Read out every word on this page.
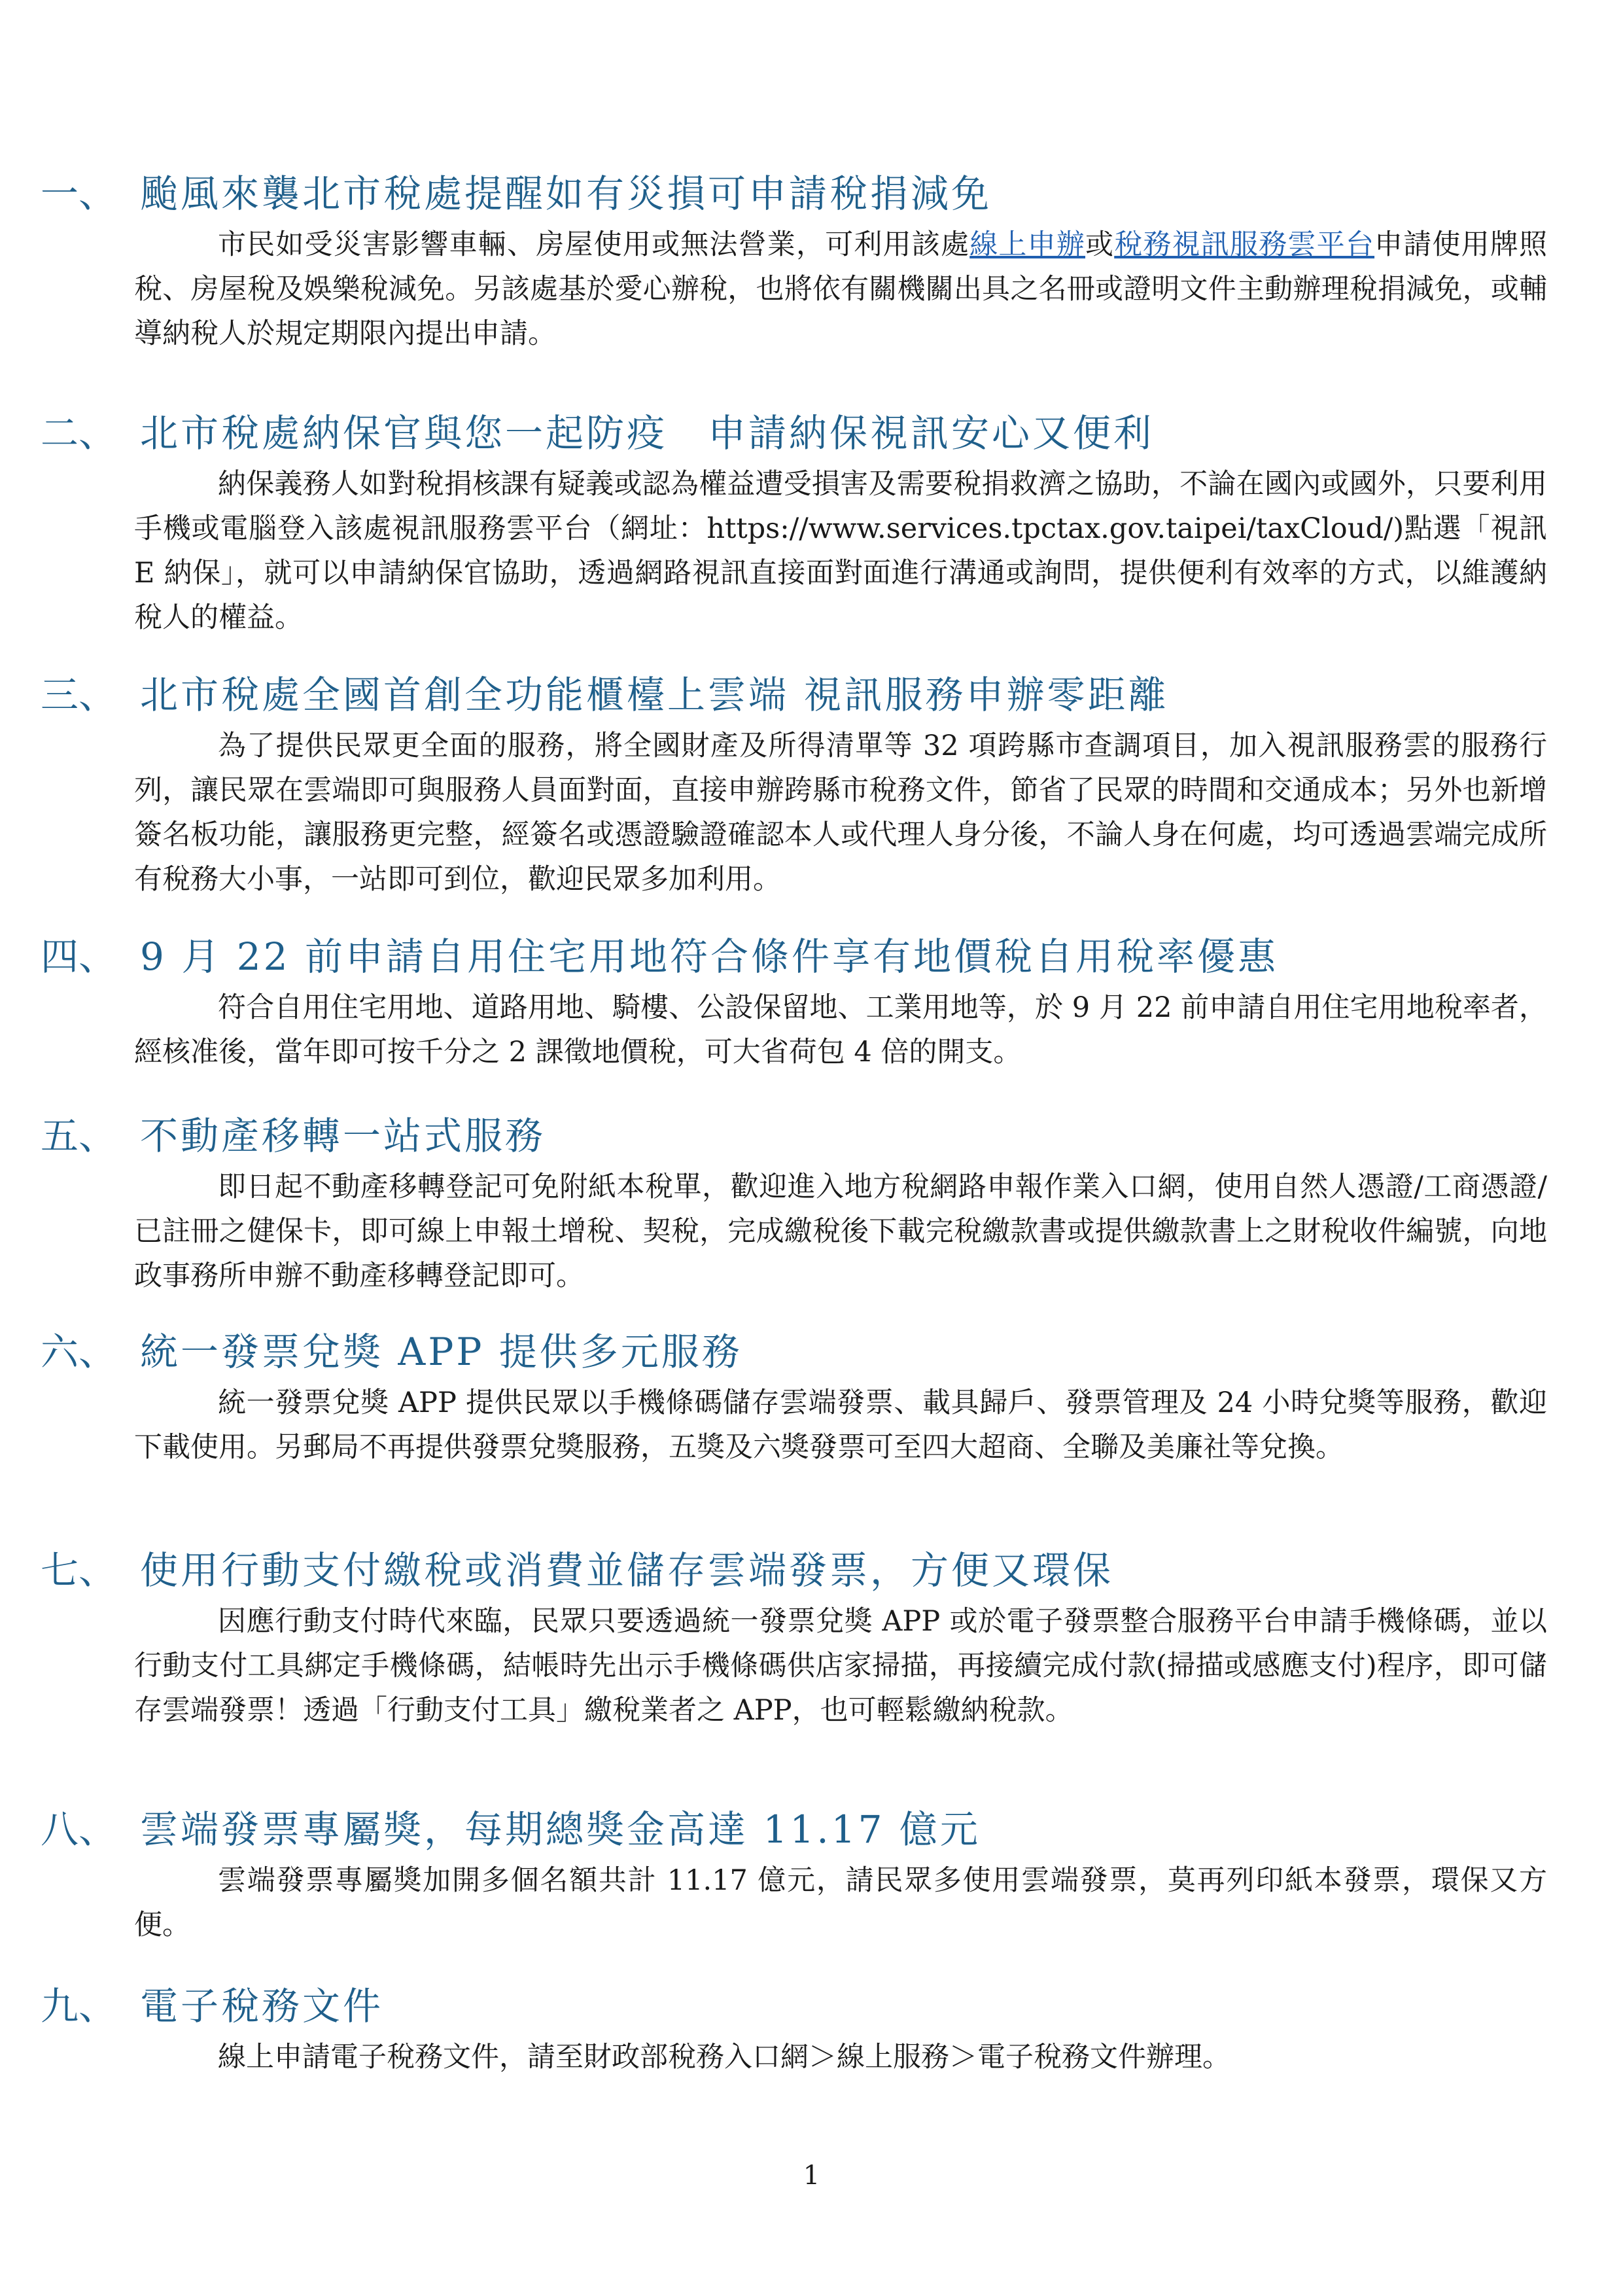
一、 颱風來襲北市稅處提醒如有災損可申請稅捐減免

市民如受災害影響車輛、房屋使用或無法營業，可利用該處線上申辦或稅務視訊服務雲平台申請使用牌照稅、房屋稅及娛樂稅減免。另該處基於愛心辦稅，也將依有關機關出具之名冊或證明文件主動辦理稅捐減免，或輔導納稅人於規定期限內提出申請。

二、 北市稅處納保官與您一起防疫　申請納保視訊安心又便利

納保義務人如對稅捐核課有疑義或認為權益遭受損害及需要稅捐救濟之協助，不論在國內或國外，只要利用手機或電腦登入該處視訊服務雲平台（網址：https://www.services.tpctax.gov.taipei/taxCloud/)點選「視訊 E 納保」，就可以申請納保官協助，透過網路視訊直接面對面進行溝通或詢問，提供便利有效率的方式，以維護納稅人的權益。

三、 北市稅處全國首創全功能櫃檯上雲端 視訊服務申辦零距離

為了提供民眾更全面的服務，將全國財產及所得清單等 32 項跨縣市查調項目，加入視訊服務雲的服務行列，讓民眾在雲端即可與服務人員面對面，直接申辦跨縣市稅務文件，節省了民眾的時間和交通成本；另外也新增簽名板功能，讓服務更完整，經簽名或憑證驗證確認本人或代理人身分後，不論人身在何處，均可透過雲端完成所有稅務大小事，一站即可到位，歡迎民眾多加利用。

四、 9 月 22 前申請自用住宅用地符合條件享有地價稅自用稅率優惠

符合自用住宅用地、道路用地、騎樓、公設保留地、工業用地等，於 9 月 22 前申請自用住宅用地稅率者，經核准後，當年即可按千分之 2 課徵地價稅，可大省荷包 4 倍的開支。

五、 不動產移轉一站式服務

即日起不動產移轉登記可免附紙本稅單，歡迎進入地方稅網路申報作業入口網，使用自然人憑證/工商憑證/已註冊之健保卡，即可線上申報土增稅、契稅，完成繳稅後下載完稅繳款書或提供繳款書上之財稅收件編號，向地政事務所申辦不動產移轉登記即可。

六、 統一發票兌獎 APP 提供多元服務

統一發票兌獎 APP 提供民眾以手機條碼儲存雲端發票、載具歸戶、發票管理及 24 小時兌獎等服務，歡迎下載使用。另郵局不再提供發票兌獎服務，五獎及六獎發票可至四大超商、全聯及美廉社等兌換。

七、 使用行動支付繳稅或消費並儲存雲端發票，方便又環保

因應行動支付時代來臨，民眾只要透過統一發票兌獎 APP 或於電子發票整合服務平台申請手機條碼，並以行動支付工具綁定手機條碼，結帳時先出示手機條碼供店家掃描，再接續完成付款(掃描或感應支付)程序，即可儲存雲端發票！透過「行動支付工具」繳稅業者之 APP，也可輕鬆繳納稅款。

八、 雲端發票專屬獎，每期總獎金高達 11.17 億元

雲端發票專屬獎加開多個名額共計 11.17 億元，請民眾多使用雲端發票，莫再列印紙本發票，環保又方便。

九、 電子稅務文件

線上申請電子稅務文件，請至財政部稅務入口網＞線上服務＞電子稅務文件辦理。

1
